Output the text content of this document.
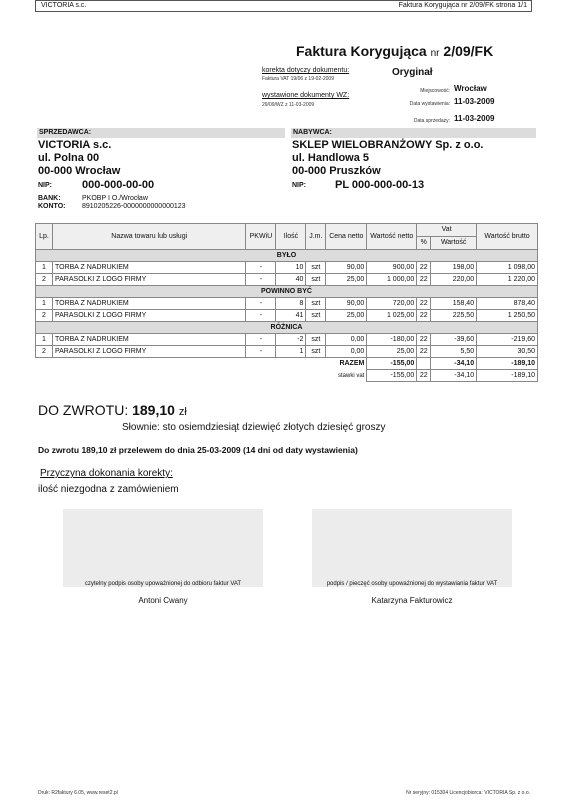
VICTORIA s.c.	Faktura Korygująca nr 2/09/FK strona 1/1
Faktura Korygująca nr 2/09/FK
korekta dotyczy dokumentu:
Faktura VAT 19/06 z 19-02-2009
Oryginał
wystawione dokumenty WZ:
29/09/WZ z 11-03-2009
Miejscowość: Wrocław
Data wystawienia: 11-03-2009
Data sprzedaży: 11-03-2009
SPRZEDAWCA:
VICTORIA s.c.
ul. Polna 00
00-000 Wrocław
NIP:	000-000-00-00
BANK:	PKOBP I O./Wrocław
KONTO: 8910205226-0000000000000123
NABYWCA:
SKLEP WIELOBRANŻOWY Sp. z o.o.
ul. Handlowa 5
00-000 Pruszków
NIP:	PL 000-000-00-13
Lp.	Nazwa towaru lub usługi	PKWiU	Ilość	J.m.	Cena netto	Wartość netto	Vat		Wartość brutto
							%	Wartość	
BYŁO									
1	TORBA Z NADRUKIEM	-	10	szt	90,00	900,00	22	198,00	1 098,00
2	PARASOLKI Z LOGO FIRMY	-	40	szt	25,00	1 000,00	22	220,00	1 220,00
POWINNO BYĆ									
1	TORBA Z NADRUKIEM	-	8	szt	90,00	720,00	22	158,40	878,40
2	PARASOLKI Z LOGO FIRMY	-	41	szt	25,00	1 025,00	22	225,50	1 250,50
RÓŻNICA									
1	TORBA Z NADRUKIEM	-	-2	szt	0,00	-180,00	22	-39,60	-219,60
2	PARASOLKI Z LOGO FIRMY	-	1	szt	0,00	25,00	22	5,50	30,50
RAZEM						-155,00		-34,10	-189,10
stawki vat						-155,00	22	-34,10	-189,10
DO ZWROTU: 189,10 zł
Słownie: sto osiemdziesiąt dziewięć złotych dziesięć groszy
Do zwrotu 189,10 zł przelewem do dnia 25-03-2009 (14 dni od daty wystawienia)
Przyczyna dokonania korekty:
ilość niezgodna z zamówieniem
czytelny podpis osoby upoważnionej do odbioru faktur VAT	podpis / pieczęć osoby upoważnionej do wystawiania faktur VAT
Antoni Cwany	Katarzyna Fakturowicz
Druk: R2faktury 6.05, www.reset2.pl	Nr seryjny: 015304 Licencjobiorca: VICTORIA Sp. z o.o.
